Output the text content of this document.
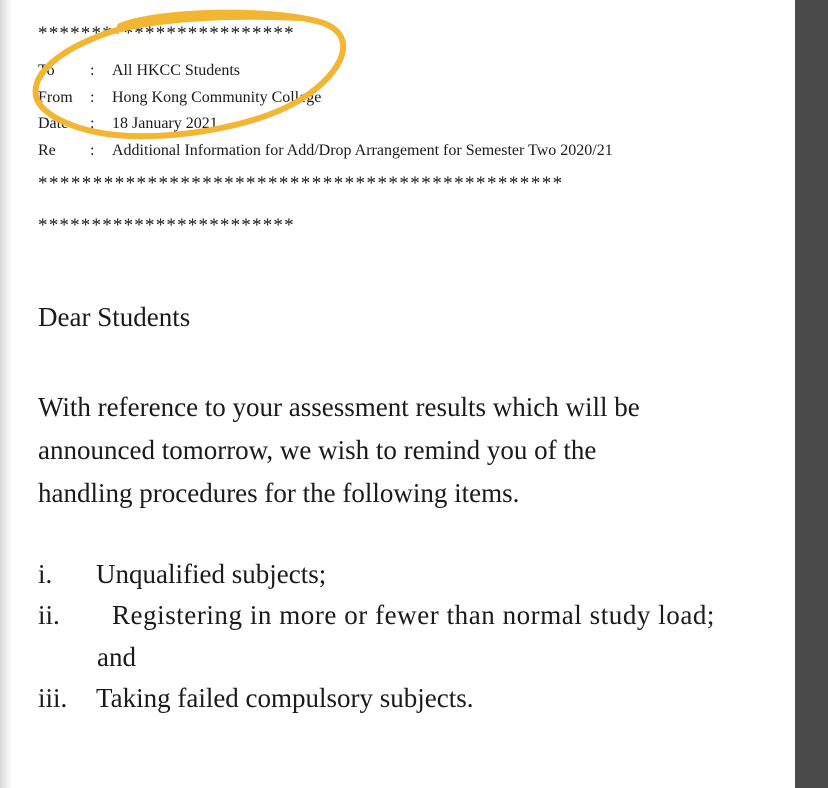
************************
To	: All HKCC Students
From	: Hong Kong Community College
Date	: 18 January 2021
Re	: Additional Information for Add/Drop Arrangement for Semester Two 2020/21
************************************************
************************
Dear Students
With reference to your assessment results which will be
announced tomorrow, we wish to remind you of the
handling procedures for the following items.
i. Unqualified subjects;
ii. Registering in more or fewer than normal study load;
and
iii. Taking failed compulsory subjects.
